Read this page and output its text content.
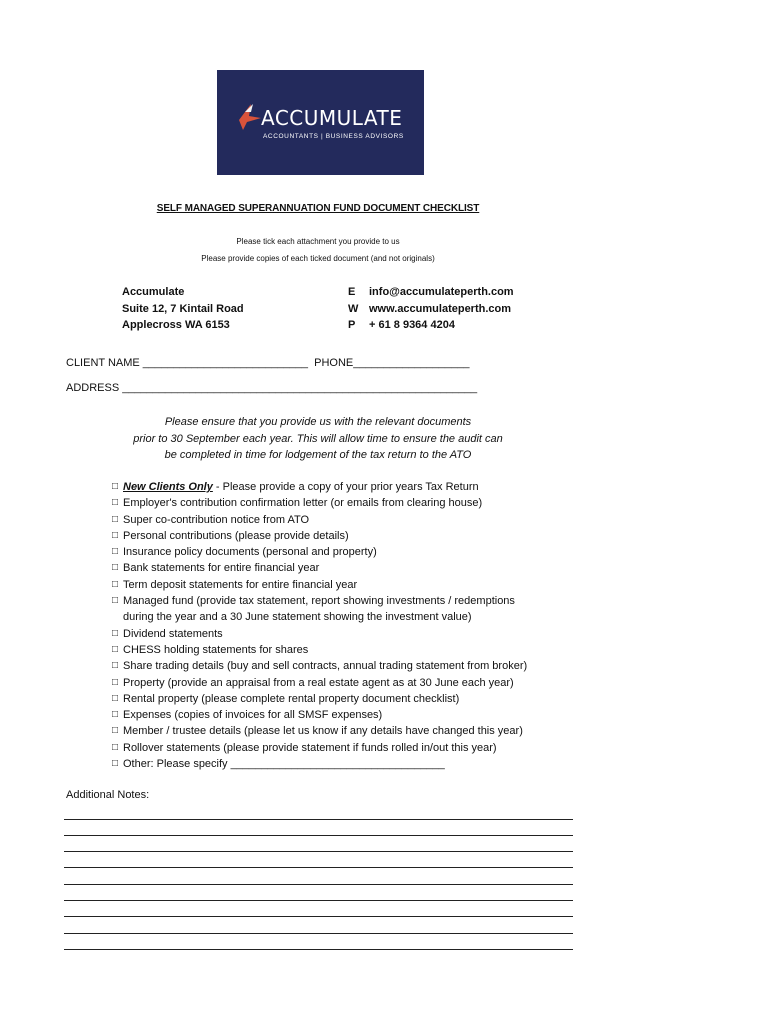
ACCUMULATE
ACCOUNTANTS | BUSINESS ADVISORS
SELF MANAGED SUPERANNUATION FUND DOCUMENT CHECKLIST
Please tick each attachment you provide to us
Please provide copies of each ticked document (and not originals)
Accumulate
Suite 12, 7 Kintail Road
Applecross WA 6153
E info@accumulateperth.com
W www.accumulateperth.com
P + 61 8 9364 4204
CLIENT NAME ___________________________ PHONE___________________
ADDRESS __________________________________________________________
Please ensure that you provide us with the relevant documents
prior to 30 September each year. This will allow time to ensure the audit can
be completed in time for lodgement of the tax return to the ATO
□ New Clients Only - Please provide a copy of your prior years Tax Return
□ Employer's contribution confirmation letter (or emails from clearing house)
□ Super co-contribution notice from ATO
□ Personal contributions (please provide details)
□ Insurance policy documents (personal and property)
□ Bank statements for entire financial year
□ Term deposit statements for entire financial year
□ Managed fund (provide tax statement, report showing investments / redemptions
during the year and a 30 June statement showing the investment value)
□ Dividend statements
□ CHESS holding statements for shares
□ Share trading details (buy and sell contracts, annual trading statement from broker)
□ Property (provide an appraisal from a real estate agent as at 30 June each year)
□ Rental property (please complete rental property document checklist)
□ Expenses (copies of invoices for all SMSF expenses)
□ Member / trustee details (please let us know if any details have changed this year)
□ Rollover statements (please provide statement if funds rolled in/out this year)
□ Other: Please specify ___________________________________
Additional Notes:
